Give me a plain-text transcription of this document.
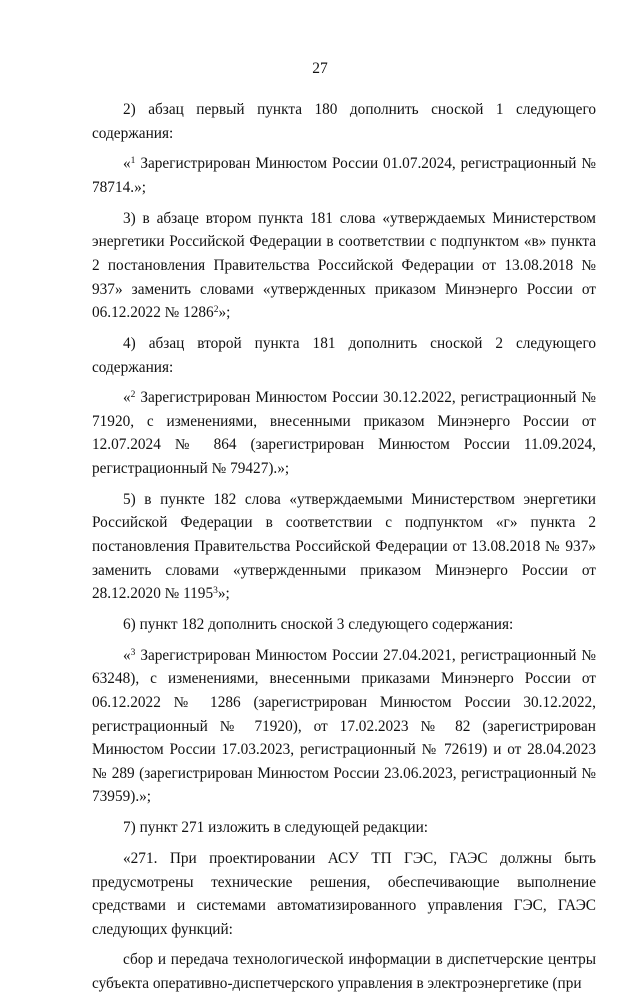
27

2) абзац первый пункта 180 дополнить сноской 1 следующего содержания:

«$^1$ Зарегистрирован Минюстом России 01.07.2024, регистрационный № 78714.»;

3) в абзаце втором пункта 181 слова «утверждаемых Министерством энергетики Российской Федерации в соответствии с подпунктом «в» пункта 2 постановления Правительства Российской Федерации от 13.08.2018 № 937» заменить словами «утвержденных приказом Минэнерго России от 06.12.2022 № 1286$^2$»;

4) абзац второй пункта 181 дополнить сноской 2 следующего содержания:

«$^2$ Зарегистрирован Минюстом России 30.12.2022, регистрационный № 71920, с изменениями, внесенными приказом Минэнерго России от 12.07.2024 № 864 (зарегистрирован Минюстом России 11.09.2024, регистрационный № 79427).»;

5) в пункте 182 слова «утверждаемыми Министерством энергетики Российской Федерации в соответствии с подпунктом «г» пункта 2 постановления Правительства Российской Федерации от 13.08.2018 № 937» заменить словами «утвержденными приказом Минэнерго России от 28.12.2020 № 1195$^3$»;

6) пункт 182 дополнить сноской 3 следующего содержания:

«$^3$ Зарегистрирован Минюстом России 27.04.2021, регистрационный № 63248), с изменениями, внесенными приказами Минэнерго России от 06.12.2022 № 1286 (зарегистрирован Минюстом России 30.12.2022, регистрационный № 71920), от 17.02.2023 № 82 (зарегистрирован Минюстом России 17.03.2023, регистрационный № 72619) и от 28.04.2023 № 289 (зарегистрирован Минюстом России 23.06.2023, регистрационный № 73959).»;

7) пункт 271 изложить в следующей редакции:

«271. При проектировании АСУ ТП ГЭС, ГАЭС должны быть предусмотрены технические решения, обеспечивающие выполнение средствами и системами автоматизированного управления ГЭС, ГАЭС следующих функций:

сбор и передача технологической информации в диспетчерские центры субъекта оперативно-диспетчерского управления в электроэнергетике (при
